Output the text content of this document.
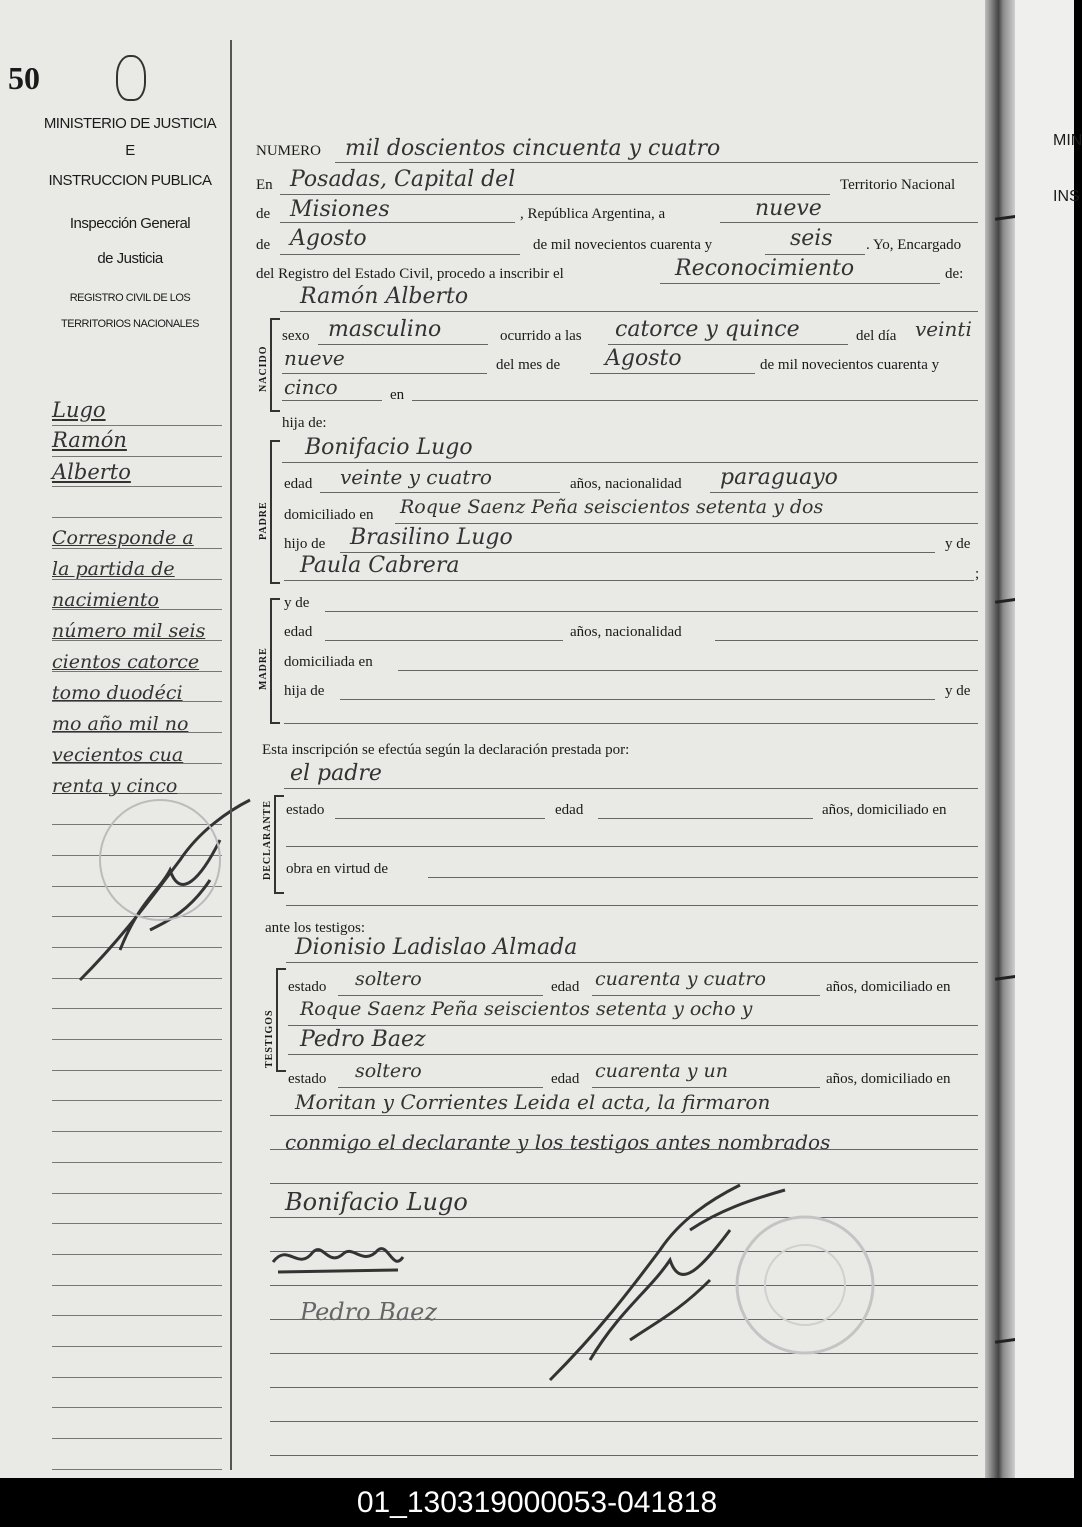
50
MINISTERIO DE JUSTICIA
E
INSTRUCCION PUBLICA
Inspección General
de Justicia
REGISTRO CIVIL DE LOS
TERRITORIOS NACIONALES
Lugo
Ramón
Alberto
Corresponde a
la partida de
nacimiento
número mil seis
cientos catorce
tomo duodéci
mo año mil no
vecientos cua
renta y cinco
NUMERO mil doscientos cincuenta y cuatro
En Posadas, Capital del	Territorio Nacional
de Misiones	, República Argentina, a	nueve
de Agosto	de mil novecientos cuarenta y	seis . Yo, Encargado
del Registro del Estado Civil, procedo a inscribir el	Reconocimiento	de:
Ramón Alberto
NACIDO
sexo masculino	ocurrido a las catorce y quince	del día veinti
nueve	del mes de Agosto	de mil novecientos cuarenta y
cinco	en
hija de:
PADRE
Bonifacio Lugo
edad veinte y cuatro	años, nacionalidad paraguayo
domiciliado en Roque Saenz Peña seiscientos setenta y dos
hijo de Brasilino Lugo	y de
Paula Cabrera	;
MADRE
y de
edad	años, nacionalidad
domiciliada en
hija de	y de
Esta inscripción se efectúa según la declaración prestada por:
el padre
DECLARANTE estado	edad	años, domiciliado en
obra en virtud de
ante los testigos:
Dionisio Ladislao Almada
TESTIGOS
estado soltero	edad cuarenta y cuatro	años, domiciliado en
Roque Saenz Peña seiscientos setenta y ocho y
Pedro Baez
estado soltero	edad cuarenta y un	años, domiciliado en
Moritan y Corrientes Leida el acta, la firmaron
conmigo el declarante y los testigos antes nombrados
Bonifacio Lugo
Pedro Baez
MIN
INS
01_130319000053-041818
